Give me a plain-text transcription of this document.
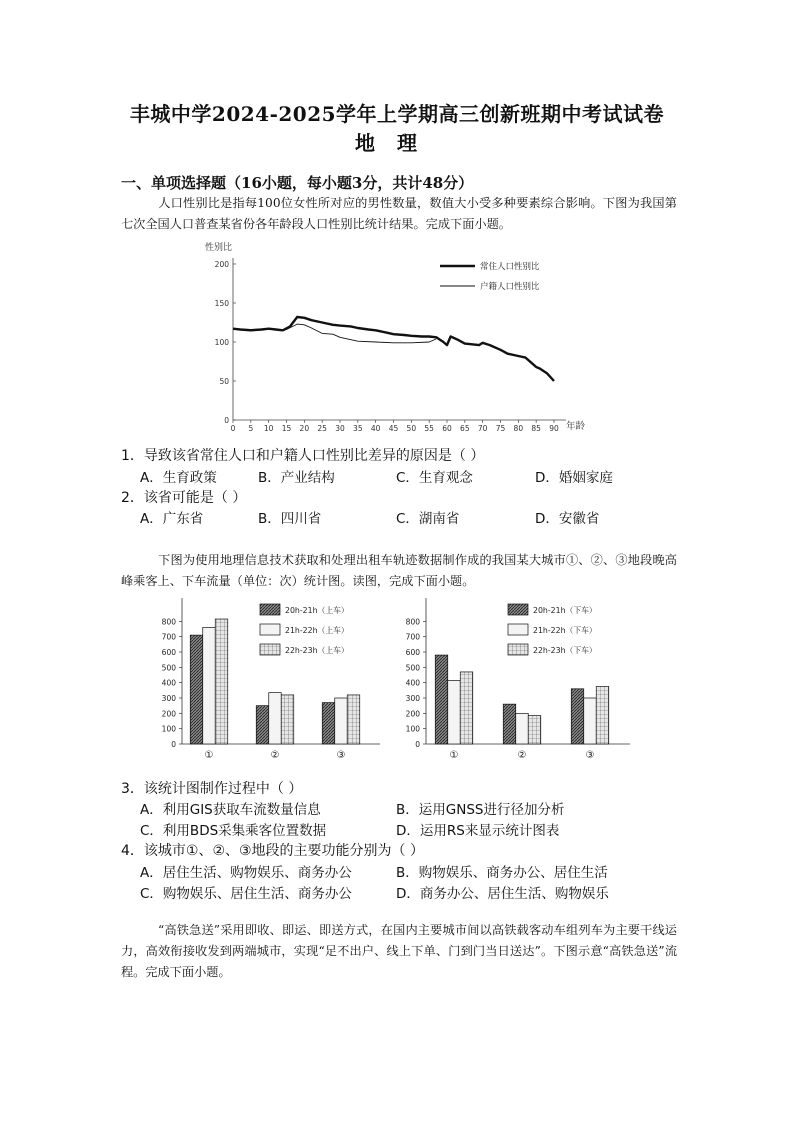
丰城中学2024-2025学年上学期高三创新班期中考试试卷
地理
一、单项选择题（16小题，每小题3分，共计48分）
人口性别比是指每100位女性所对应的男性数量，数值大小受多种要素综合影响。下图为我国第七次全国人口普查某省份各年龄段人口性别比统计结果。完成下面小题。
性别比
年龄
0
50
100
150
200
0 5 10 15 20 25 30 35 40 45 50 55 60 65 70 75 80 85 90
常住人口性别比
户籍人口性别比
1．导致该省常住人口和户籍人口性别比差异的原因是（ ）
A．生育政策	B．产业结构	C．生育观念	D．婚姻家庭
2．该省可能是（ ）
A．广东省	B．四川省	C．湖南省	D．安徽省
下图为使用地理信息技术获取和处理出租车轨迹数据制作成的我国某大城市①、②、③地段晚高峰乘客上、下车流量（单位：次）统计图。读图，完成下面小题。
0
100
200
300
400
500
600
700
800
①	②	③
20h-21h（上车）
21h-22h（上车）
22h-23h（上车）
0
100
200
300
400
500
600
700
800
①	②	③
20h-21h（下车）
21h-22h（下车）
22h-23h（下车）
3．该统计图制作过程中（ ）
A．利用GIS获取车流数量信息	B．运用GNSS进行径加分析
C．利用BDS采集乘客位置数据	D．运用RS来显示统计图表
4．该城市①、②、③地段的主要功能分别为（ ）
A．居住生活、购物娱乐、商务办公	B．购物娱乐、商务办公、居住生活
C．购物娱乐、居住生活、商务办公	D．商务办公、居住生活、购物娱乐
“高铁急送”采用即收、即运、即送方式，在国内主要城市间以高铁载客动车组列车为主要干线运力，高效衔接收发到两端城市，实现“足不出户、线上下单、门到门当日送达”。下图示意“高铁急送”流程。完成下面小题。
